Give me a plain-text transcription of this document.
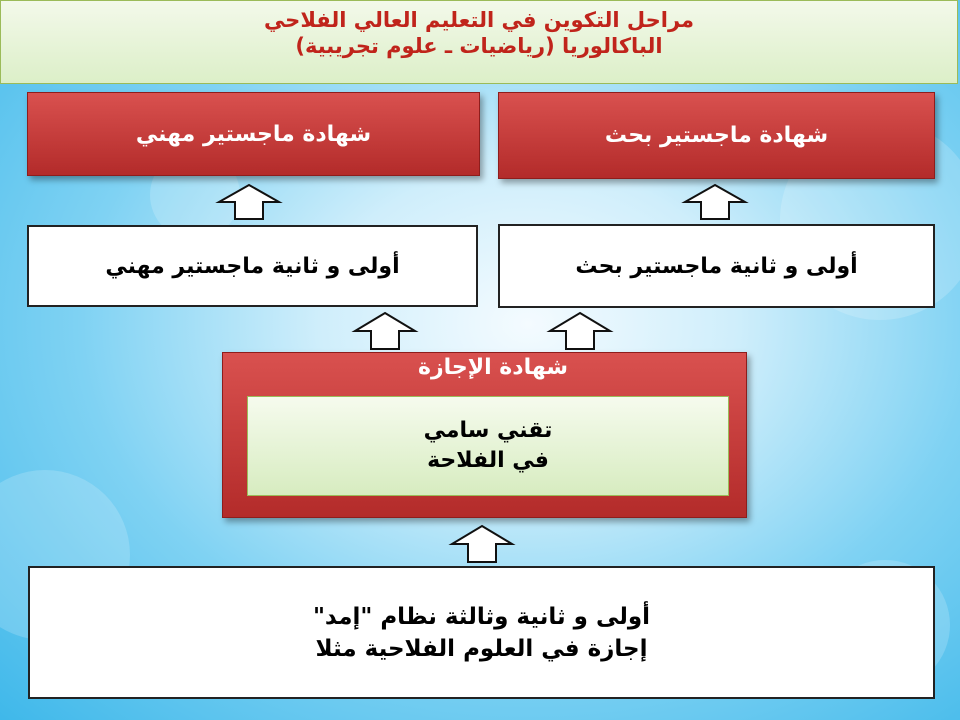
مراحل التكوين في التعليم العالي الفلاحي
الباكالوريا (رياضيات ـ علوم تجريبية)
شهادة ماجستير مهني	شهادة ماجستير بحث
أولى و ثانية ماجستير مهني	أولى و ثانية ماجستير بحث
شهادة الإجازة
تقني سامي
في الفلاحة
أولى و ثانية وثالثة نظام "إمد"
إجازة في العلوم الفلاحية مثلا
